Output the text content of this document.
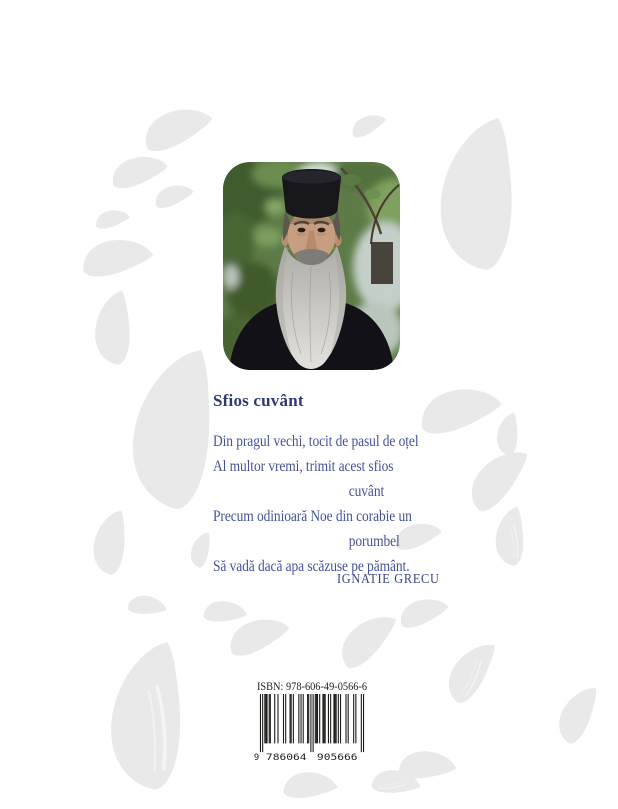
Sfios cuvânt
Din pragul vechi, tocit de pasul de oțel
Al multor vremi, trimit acest sfios
cuvânt
Precum odinioară Noe din corabie un
porumbel
Să vadă dacă apa scăzuse pe pământ.
IGNATIE GRECU
ISBN: 978-606-49-0566-6
9 786064 905666
